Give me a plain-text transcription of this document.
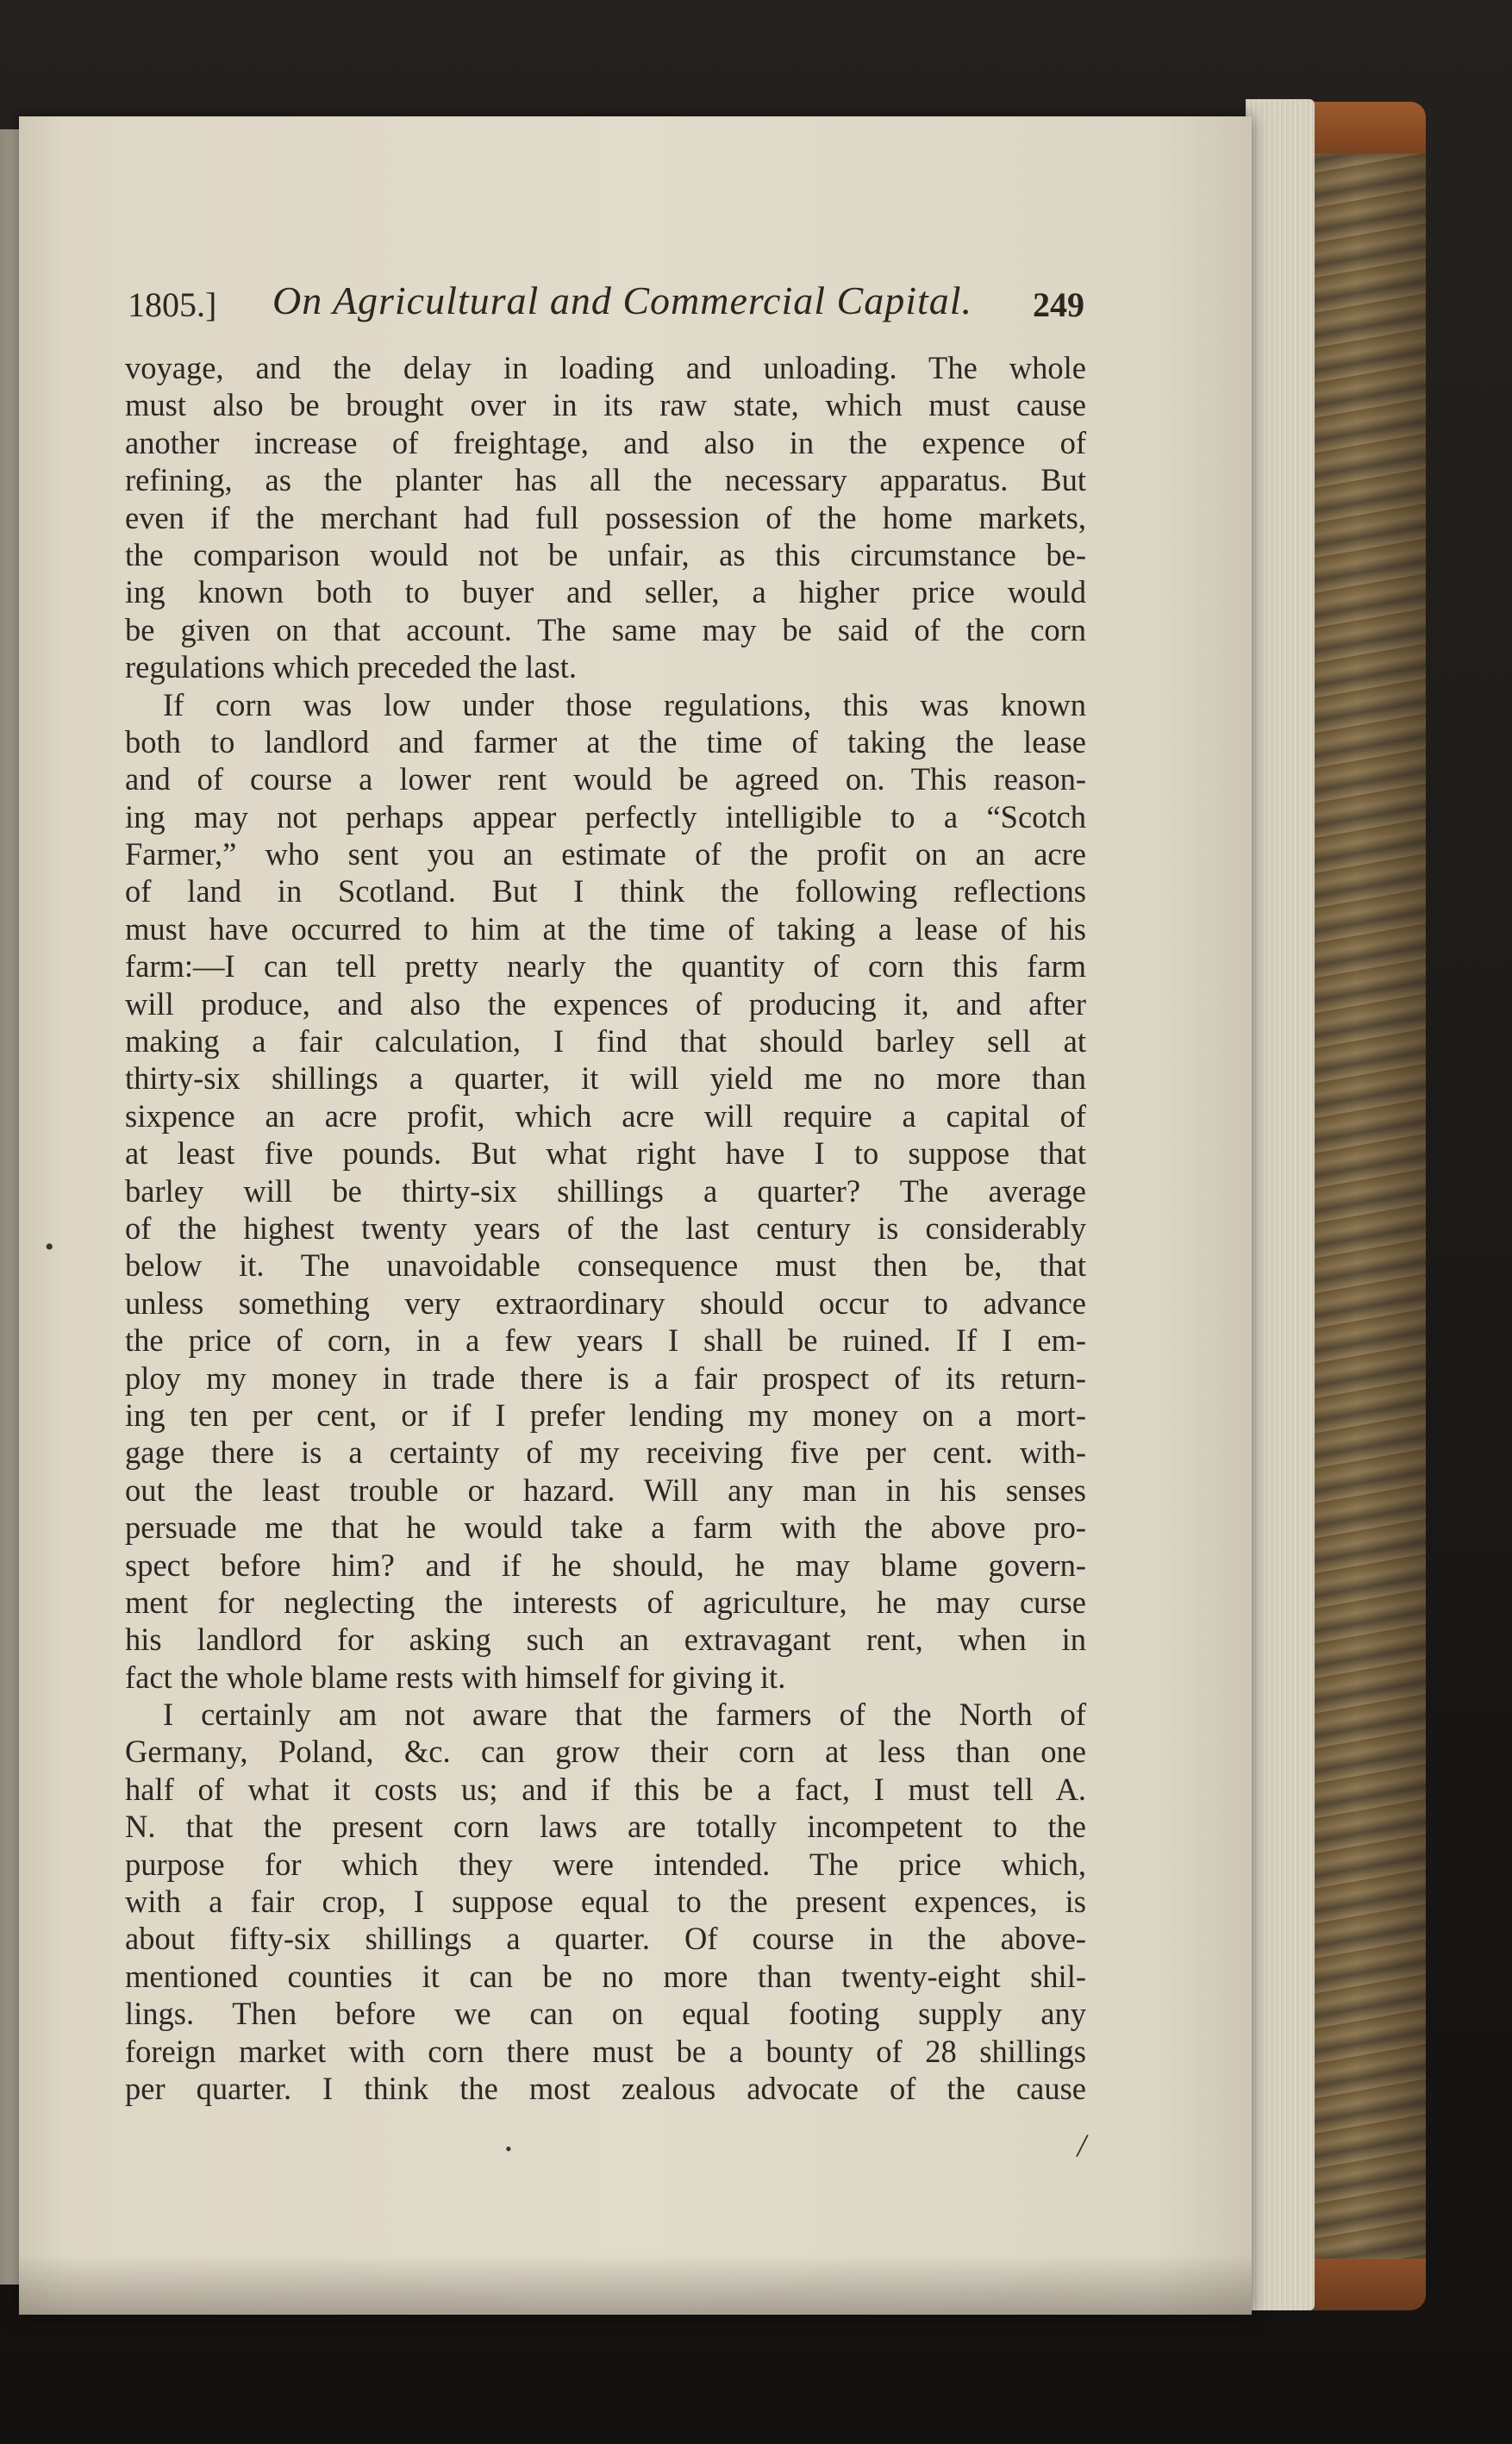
1805.] On Agricultural and Commercial Capital. 249
voyage, and the delay in loading and unloading. The whole
must also be brought over in its raw state, which must cause
another increase of freightage, and also in the expence of
refining, as the planter has all the necessary apparatus. But
even if the merchant had full possession of the home markets,
the comparison would not be unfair, as this circumstance be-
ing known both to buyer and seller, a higher price would
be given on that account. The same may be said of the corn
regulations which preceded the last.
If corn was low under those regulations, this was known
both to landlord and farmer at the time of taking the lease
and of course a lower rent would be agreed on. This reason-
ing may not perhaps appear perfectly intelligible to a “Scotch
Farmer,” who sent you an estimate of the profit on an acre
of land in Scotland. But I think the following reflections
must have occurred to him at the time of taking a lease of his
farm:—I can tell pretty nearly the quantity of corn this farm
will produce, and also the expences of producing it, and after
making a fair calculation, I find that should barley sell at
thirty-six shillings a quarter, it will yield me no more than
sixpence an acre profit, which acre will require a capital of
at least five pounds. But what right have I to suppose that
barley will be thirty-six shillings a quarter? The average
of the highest twenty years of the last century is considerably
below it. The unavoidable consequence must then be, that
unless something very extraordinary should occur to advance
the price of corn, in a few years I shall be ruined. If I em-
ploy my money in trade there is a fair prospect of its return-
ing ten per cent, or if I prefer lending my money on a mort-
gage there is a certainty of my receiving five per cent. with-
out the least trouble or hazard. Will any man in his senses
persuade me that he would take a farm with the above pro-
spect before him? and if he should, he may blame govern-
ment for neglecting the interests of agriculture, he may curse
his landlord for asking such an extravagant rent, when in
fact the whole blame rests with himself for giving it.
I certainly am not aware that the farmers of the North of
Germany, Poland, &c. can grow their corn at less than one
half of what it costs us; and if this be a fact, I must tell A.
N. that the present corn laws are totally incompetent to the
purpose for which they were intended. The price which,
with a fair crop, I suppose equal to the present expences, is
about fifty-six shillings a quarter. Of course in the above-
mentioned counties it can be no more than twenty-eight shil-
lings. Then before we can on equal footing supply any
foreign market with corn there must be a bounty of 28 shillings
per quarter. I think the most zealous advocate of the cause
•
•	/
